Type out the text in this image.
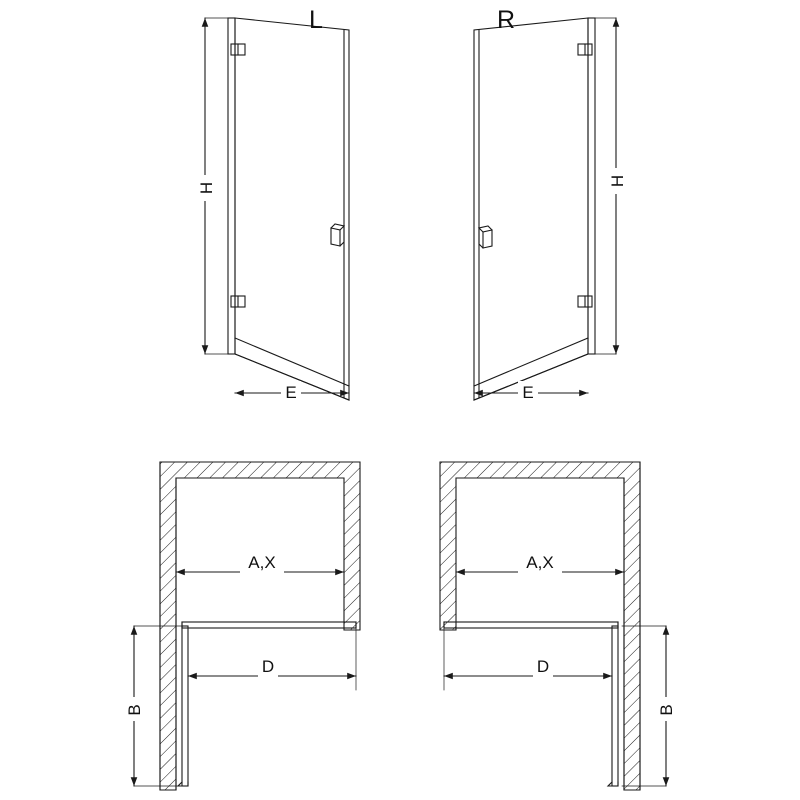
L	R
H
H
E	E
A,X	A,X
D	D
B	B
